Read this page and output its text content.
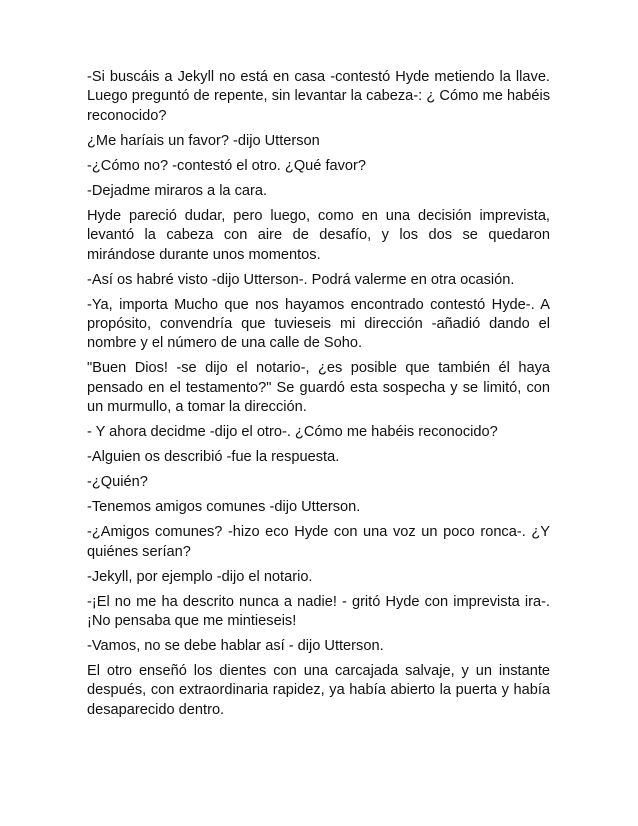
-Si buscáis a Jekyll no está en casa -contestó Hyde metiendo la llave. Luego preguntó de repente, sin levantar la cabeza-: ¿ Cómo me habéis reconocido?

¿Me haríais un favor? -dijo Utterson

-¿Cómo no? -contestó el otro. ¿Qué favor?

-Dejadme miraros a la cara.

Hyde pareció dudar, pero luego, como en una decisión imprevista, levantó la cabeza con aire de desafío, y los dos se quedaron mirándose durante unos momentos.

-Así os habré visto -dijo Utterson-. Podrá valerme en otra ocasión.

-Ya, importa Mucho que nos hayamos encontrado contestó Hyde-. A propósito, convendría que tuvieseis mi dirección -añadió dando el nombre y el número de una calle de Soho.

"Buen Dios! -se dijo el notario-, ¿es posible que también él haya pensado en el testamento?" Se guardó esta sospecha y se limitó, con un murmullo, a tomar la dirección.

- Y ahora decidme -dijo el otro-. ¿Cómo me habéis reconocido?

-Alguien os describió -fue la respuesta.

-¿Quién?

-Tenemos amigos comunes -dijo Utterson.

-¿Amigos comunes? -hizo eco Hyde con una voz un poco ronca-. ¿Y quiénes serían?

-Jekyll, por ejemplo -dijo el notario.

-¡El no me ha descrito nunca a nadie! - gritó Hyde con imprevista ira-. ¡No pensaba que me mintieseis!

-Vamos, no se debe hablar así - dijo Utterson.

El otro enseñó los dientes con una carcajada salvaje, y un instante después, con extraordinaria rapidez, ya había abierto la puerta y había desaparecido dentro.
